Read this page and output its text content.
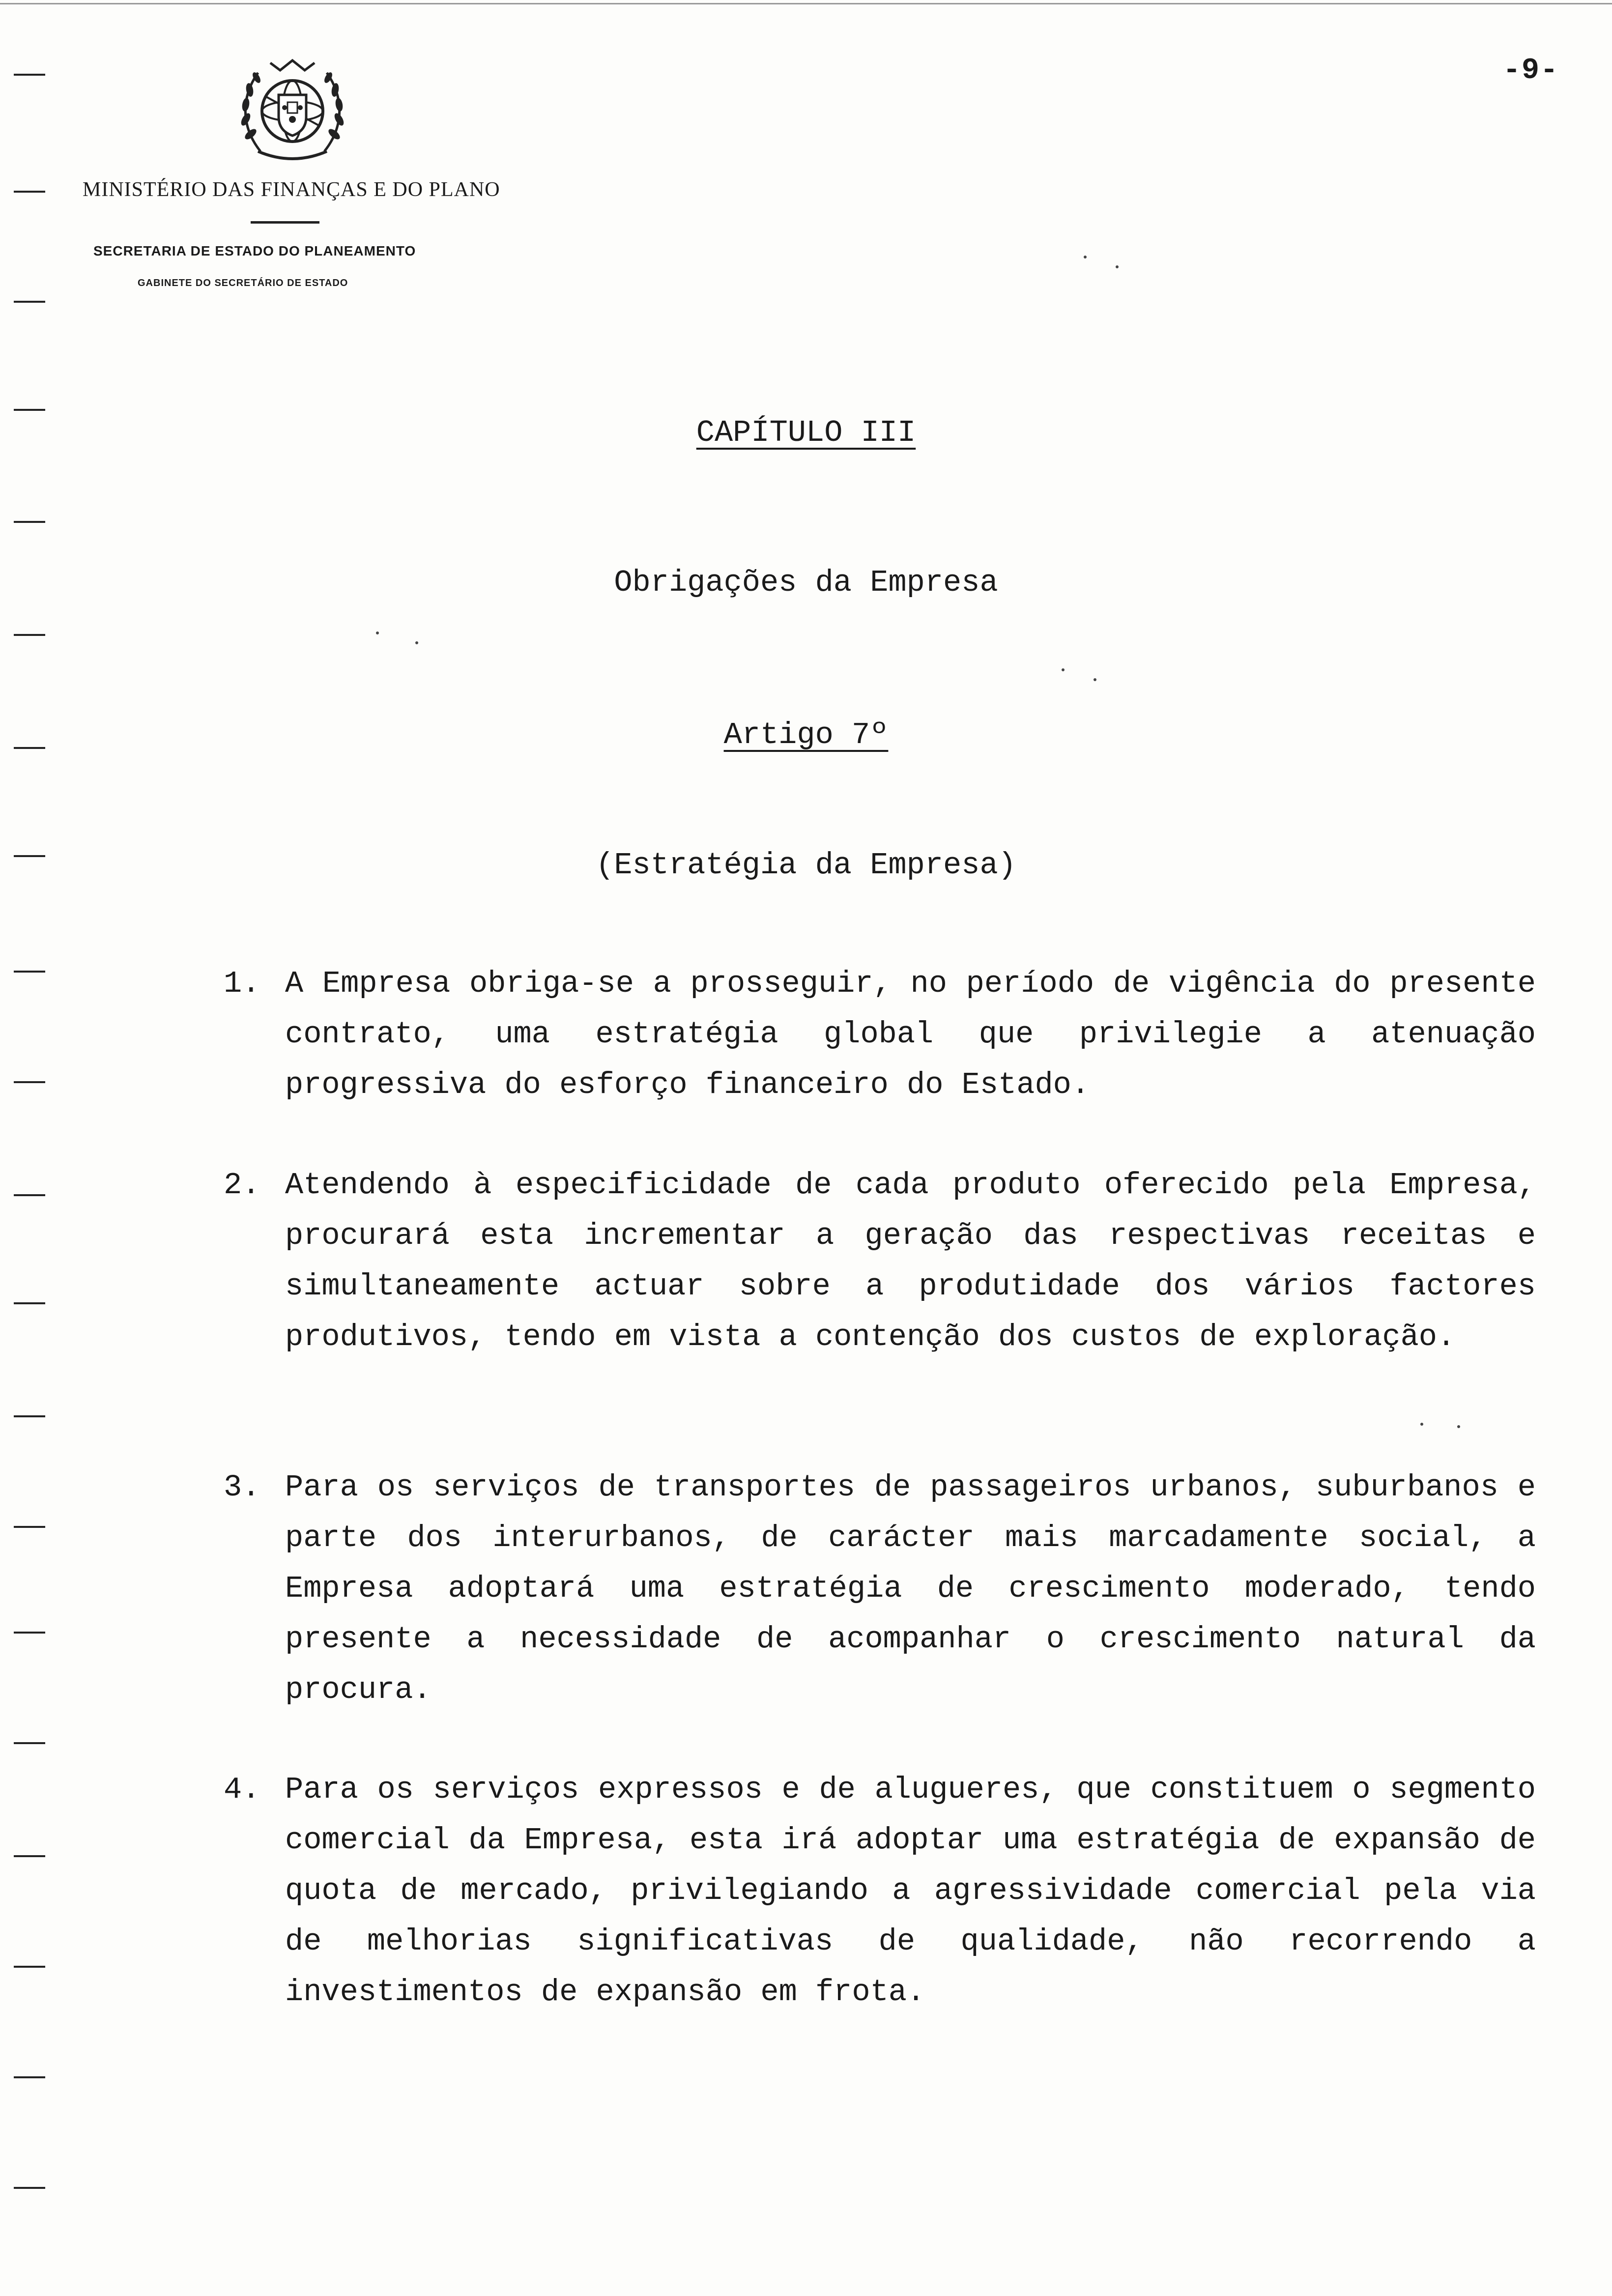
-9-
MINISTÉRIO DAS FINANÇAS E DO PLANO
SECRETARIA DE ESTADO DO PLANEAMENTO
GABINETE DO SECRETÁRIO DE ESTADO
CAPÍTULO III
Obrigações da Empresa
Artigo 7º
(Estratégia da Empresa)
1. A Empresa obriga-se a prosseguir, no período de vigência do presente contrato, uma estratégia global que privilegie a atenuação progressiva do esforço financeiro do Estado.
2. Atendendo à especificidade de cada produto oferecido pela Empresa, procurará esta incrementar a geração das respectivas receitas e simultaneamente actuar sobre a produtidade dos vários factores produtivos, tendo em vista a contenção dos custos de exploração.
3. Para os serviços de transportes de passageiros urbanos, suburbanos e parte dos interurbanos, de carácter mais marcadamente social, a Empresa adoptará uma estratégia de crescimento moderado, tendo presente a necessidade de acompanhar o crescimento natural da procura.
4. Para os serviços expressos e de alugueres, que constituem o segmento comercial da Empresa, esta irá adoptar uma estratégia de expansão de quota de mercado, privilegiando a agressividade comercial pela via de melhorias significativas de qualidade, não recorrendo a investimentos de expansão em frota.
